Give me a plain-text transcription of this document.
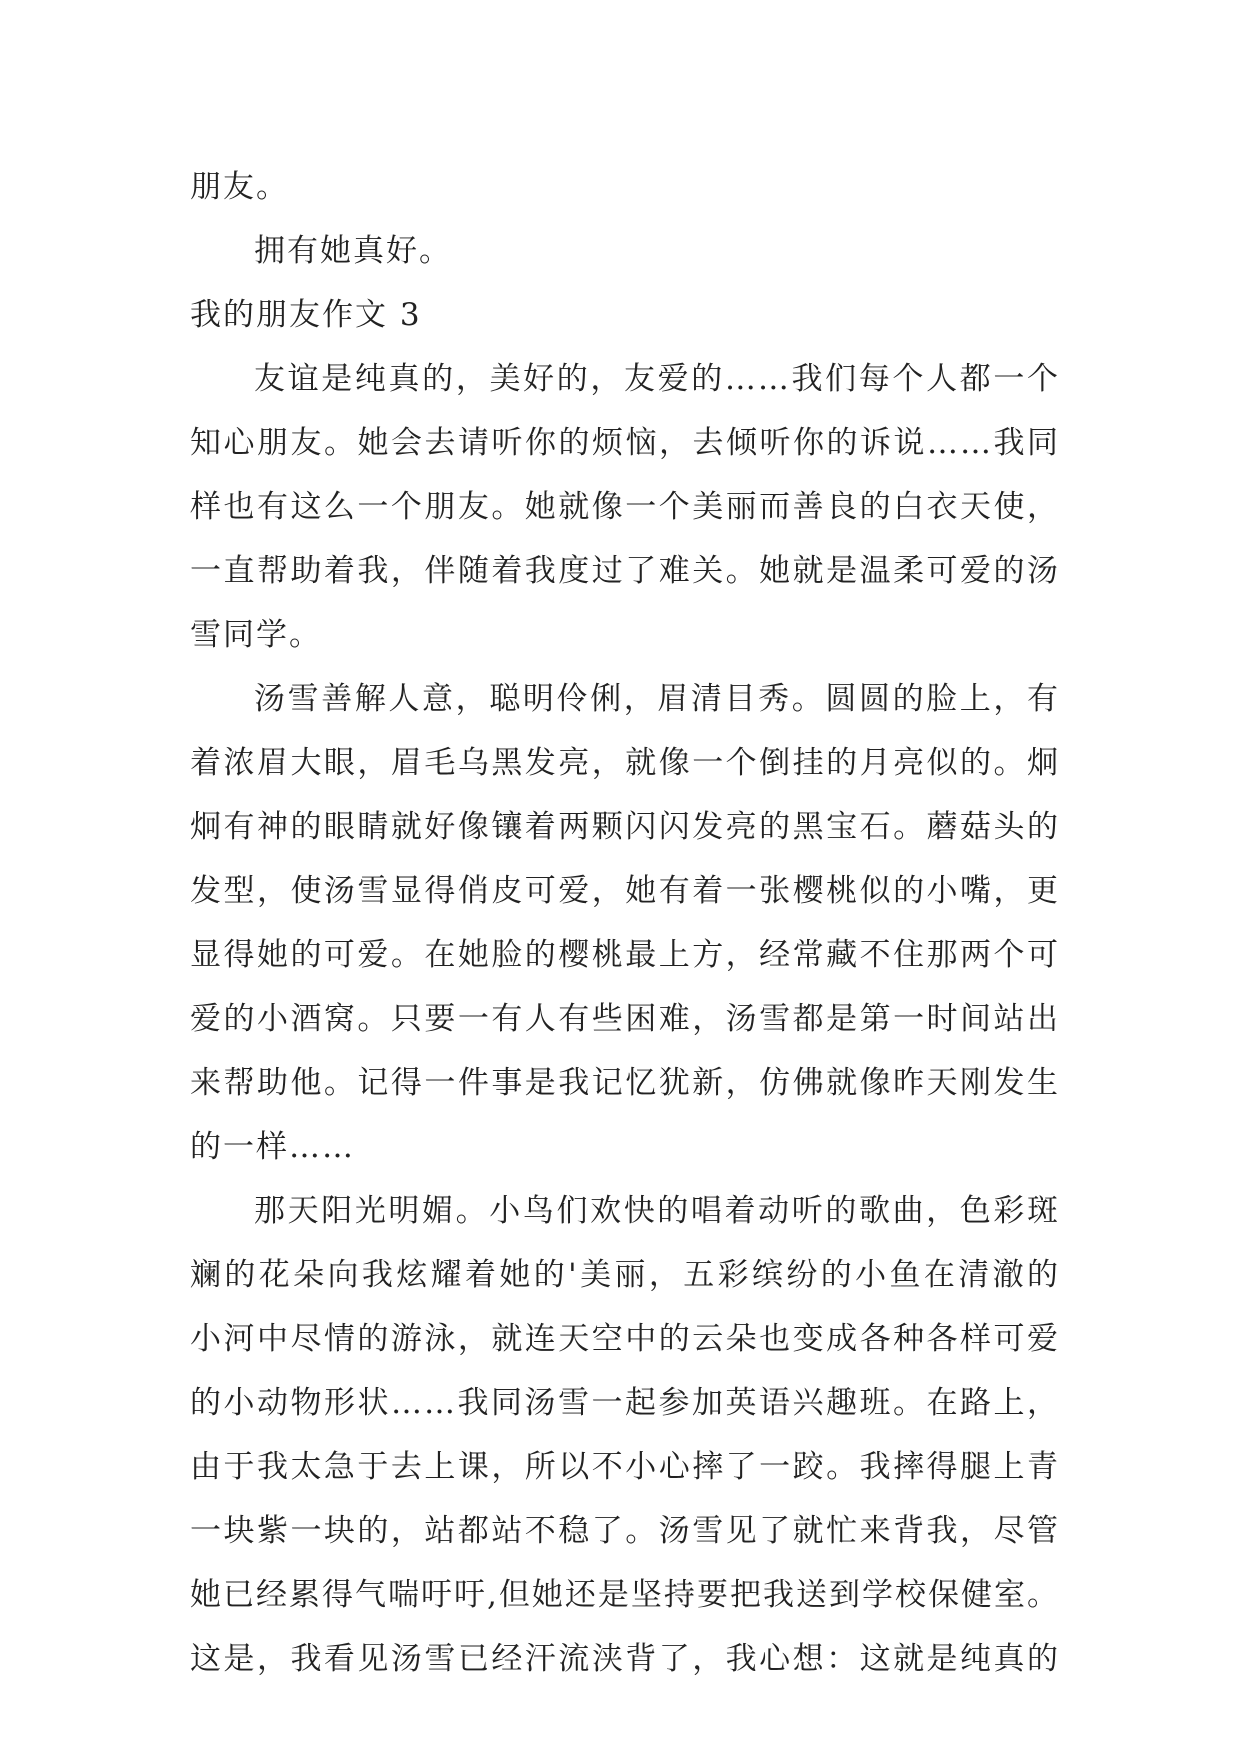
朋友。
拥有她真好。
我的朋友作文 3
友谊是纯真的，美好的，友爱的……我们每个人都一个
知心朋友。她会去请听你的烦恼，去倾听你的诉说……我同
样也有这么一个朋友。她就像一个美丽而善良的白衣天使，
一直帮助着我，伴随着我度过了难关。她就是温柔可爱的汤
雪同学。
汤雪善解人意，聪明伶俐，眉清目秀。圆圆的脸上，有
着浓眉大眼，眉毛乌黑发亮，就像一个倒挂的月亮似的。炯
炯有神的眼睛就好像镶着两颗闪闪发亮的黑宝石。蘑菇头的
发型，使汤雪显得俏皮可爱，她有着一张樱桃似的小嘴，更
显得她的可爱。在她脸的樱桃最上方，经常藏不住那两个可
爱的小酒窝。只要一有人有些困难，汤雪都是第一时间站出
来帮助他。记得一件事是我记忆犹新，仿佛就像昨天刚发生
的一样……
那天阳光明媚。小鸟们欢快的唱着动听的歌曲，色彩斑
斓的花朵向我炫耀着她的'美丽，五彩缤纷的小鱼在清澈的
小河中尽情的游泳，就连天空中的云朵也变成各种各样可爱
的小动物形状……我同汤雪一起参加英语兴趣班。在路上，
由于我太急于去上课，所以不小心摔了一跤。我摔得腿上青
一块紫一块的，站都站不稳了。汤雪见了就忙来背我，尽管
她已经累得气喘吁吁,但她还是坚持要把我送到学校保健室。
这是，我看见汤雪已经汗流浃背了，我心想：这就是纯真的
